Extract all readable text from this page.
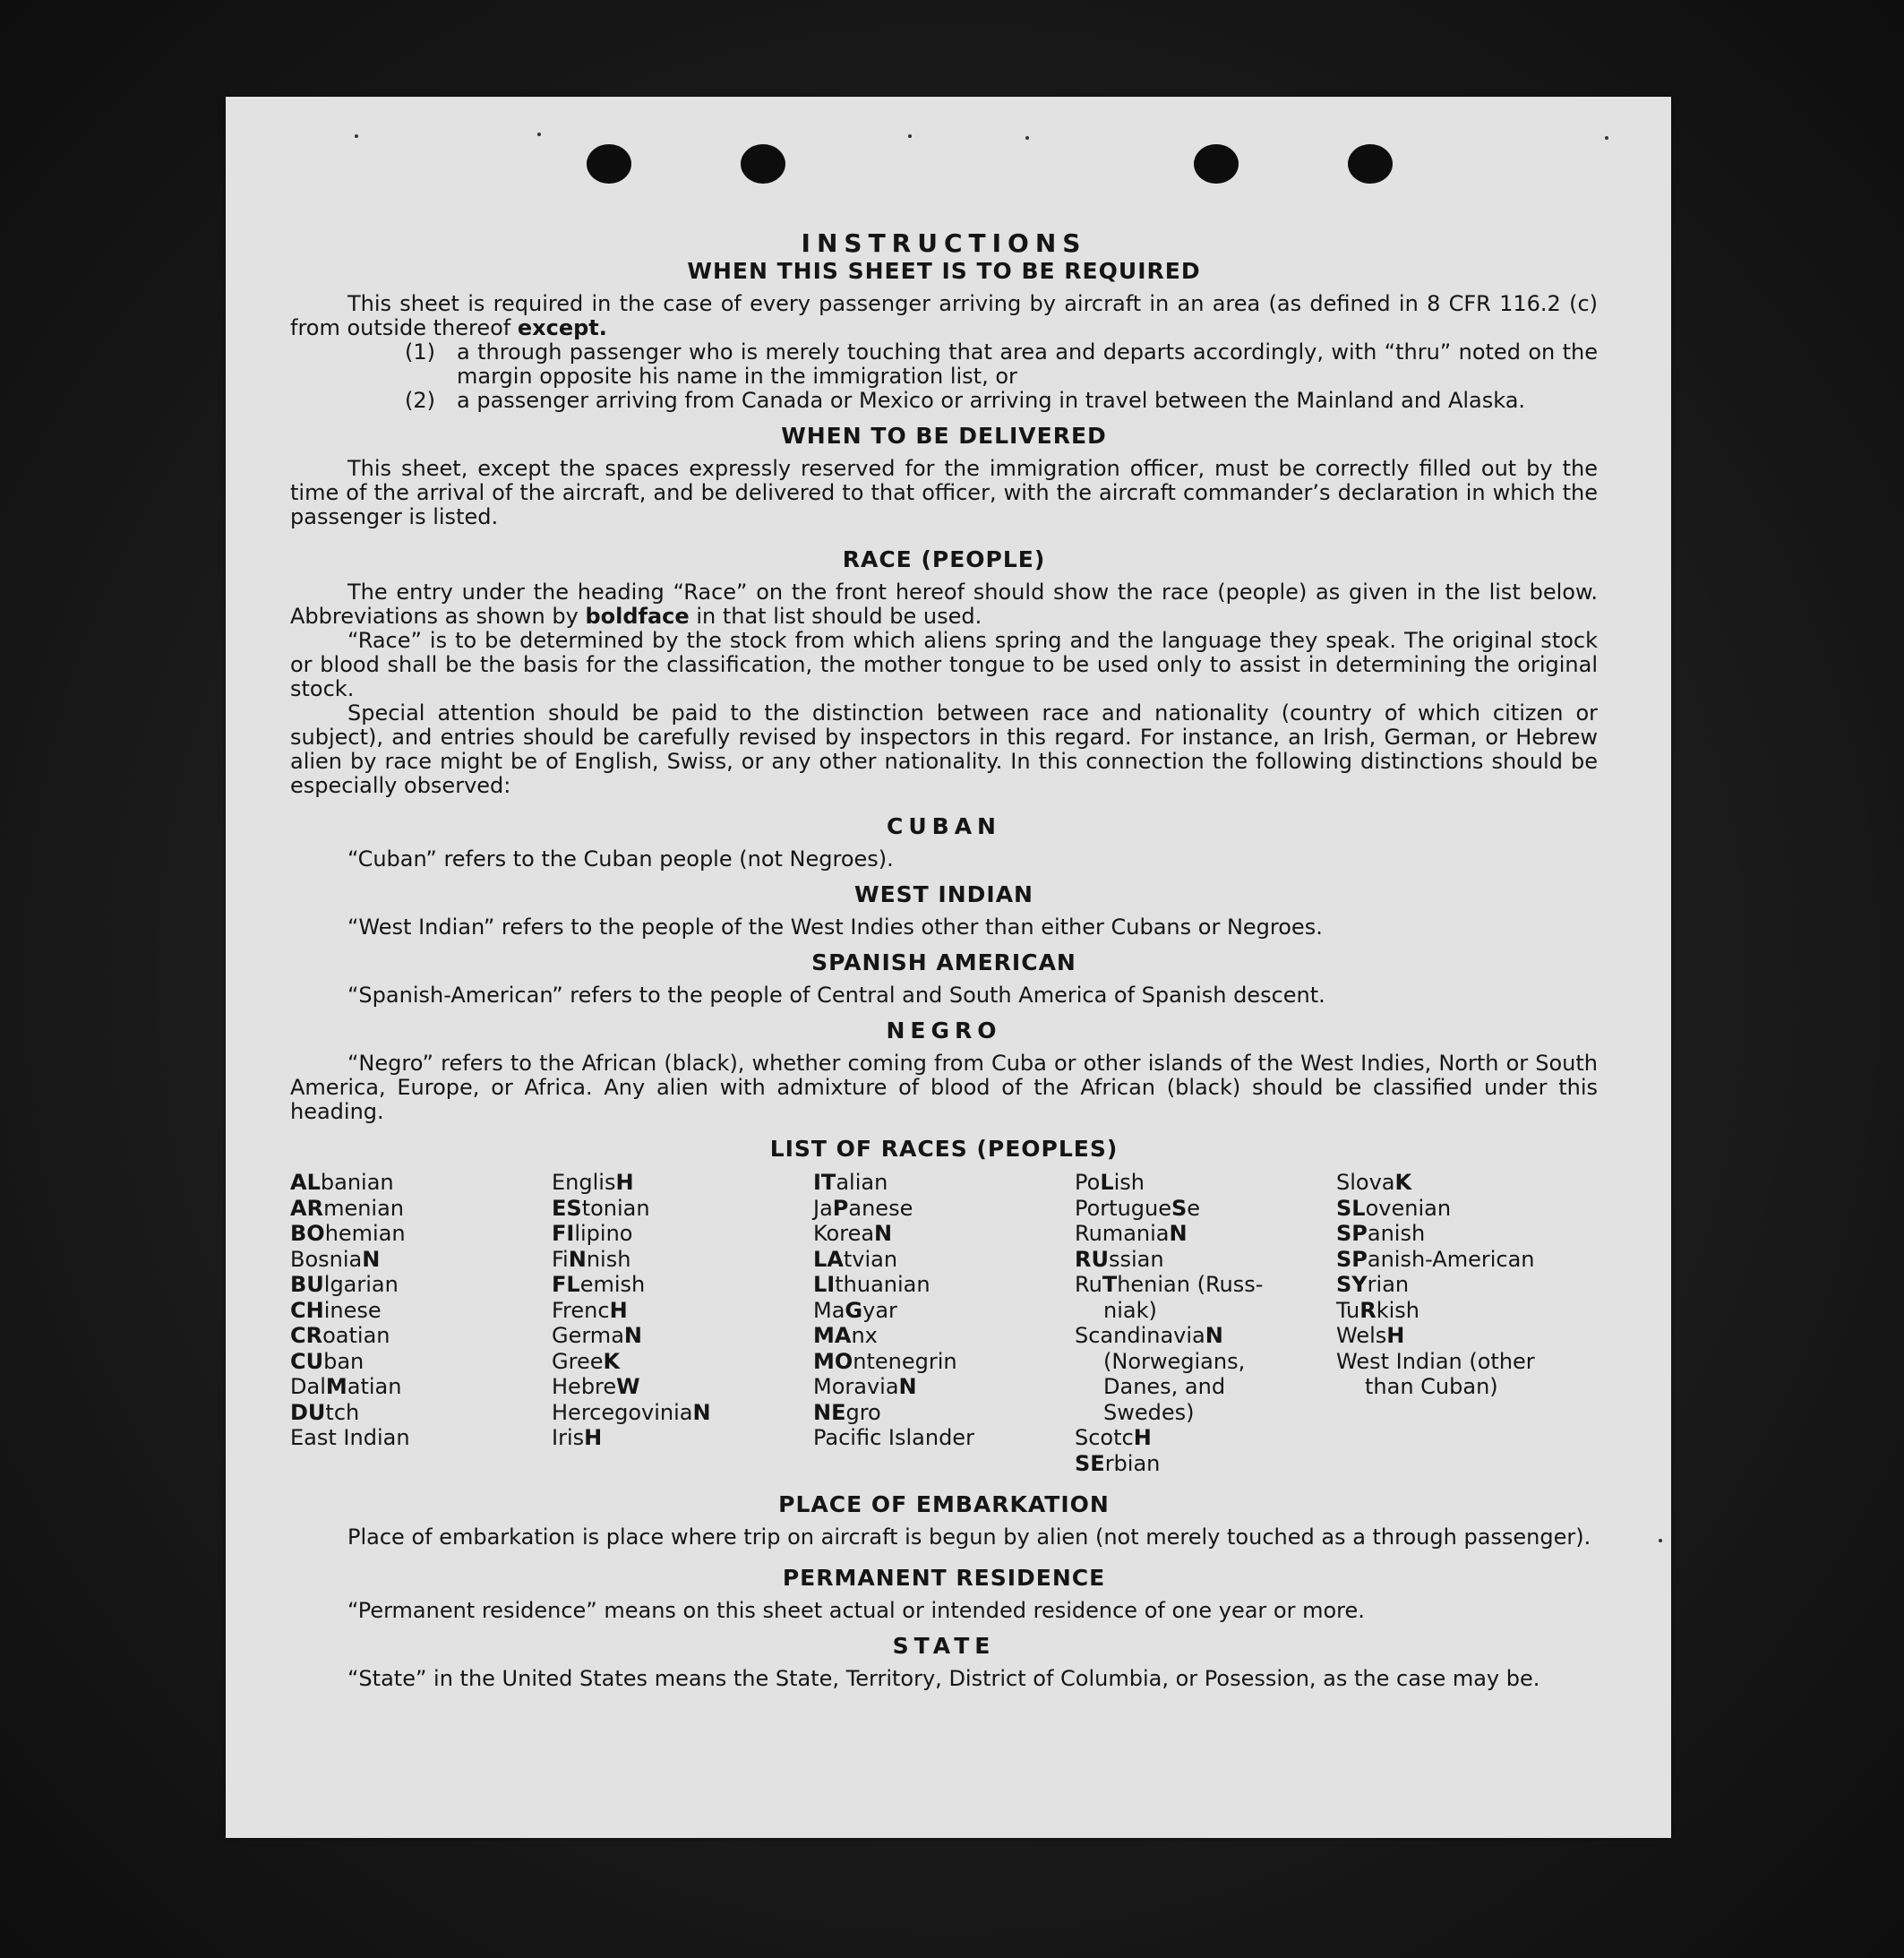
INSTRUCTIONS
WHEN THIS SHEET IS TO BE REQUIRED

This sheet is required in the case of every passenger arriving by aircraft in an area (as defined in 8 CFR 116.2 (c) from outside thereof except.

(1)	a through passenger who is merely touching that area and departs accordingly, with “thru” noted on the margin opposite his name in the immigration list, or
(2)	a passenger arriving from Canada or Mexico or arriving in travel between the Mainland and Alaska.
WHEN TO BE DELIVERED

This sheet, except the spaces expressly reserved for the immigration officer, must be correctly filled out by the time of the arrival of the aircraft, and be delivered to that officer, with the aircraft commander’s declaration in which the passenger is listed.

RACE (PEOPLE)

The entry under the heading “Race” on the front hereof should show the race (people) as given in the list below. Abbreviations as shown by boldface in that list should be used.

“Race” is to be determined by the stock from which aliens spring and the language they speak. The original stock or blood shall be the basis for the classification, the mother tongue to be used only to assist in determining the original stock.

Special attention should be paid to the distinction between race and nationality (country of which citizen or subject), and entries should be carefully revised by inspectors in this regard. For instance, an Irish, German, or Hebrew alien by race might be of English, Swiss, or any other nationality. In this connection the following distinctions should be especially observed:

CUBAN

“Cuban” refers to the Cuban people (not Negroes).

WEST INDIAN

“West Indian” refers to the people of the West Indies other than either Cubans or Negroes.

SPANISH AMERICAN

“Spanish-American” refers to the people of Central and South America of Spanish descent.

NEGRO

“Negro” refers to the African (black), whether coming from Cuba or other islands of the West Indies, North or South America, Europe, or Africa. Any alien with admixture of blood of the African (black) should be classified under this heading.

LIST OF RACES (PEOPLES)
ALbanian
ARmenian
BOhemian
BosniaN
BUlgarian
CHinese
CRoatian
CUban
DalMatian
DUtch
East Indian
EnglisH
EStonian
FIlipino
FiNnish
FLemish
FrencH
GermaN
GreeK
HebreW
HercegoviniaN
IrisH
ITalian
JaPanese
KoreaN
LAtvian
LIthuanian
MaGyar
MAnx
MOntenegrin
MoraviaN
NEgro
Pacific Islander
PoLish
PortugueSe
RumaniaN
RUssian
RuThenian (Russ-
niak)
ScandinaviaN
(Norwegians,
Danes, and
Swedes)
ScotcH
SErbian
SlovaK
SLovenian
SPanish
SPanish-American
SYrian
TuRkish
WelsH
West Indian (other
than Cuban)
PLACE OF EMBARKATION

Place of embarkation is place where trip on aircraft is begun by alien (not merely touched as a through passenger).

PERMANENT RESIDENCE

“Permanent residence” means on this sheet actual or intended residence of one year or more.

STATE

“State” in the United States means the State, Territory, District of Columbia, or Posession, as the case may be.
